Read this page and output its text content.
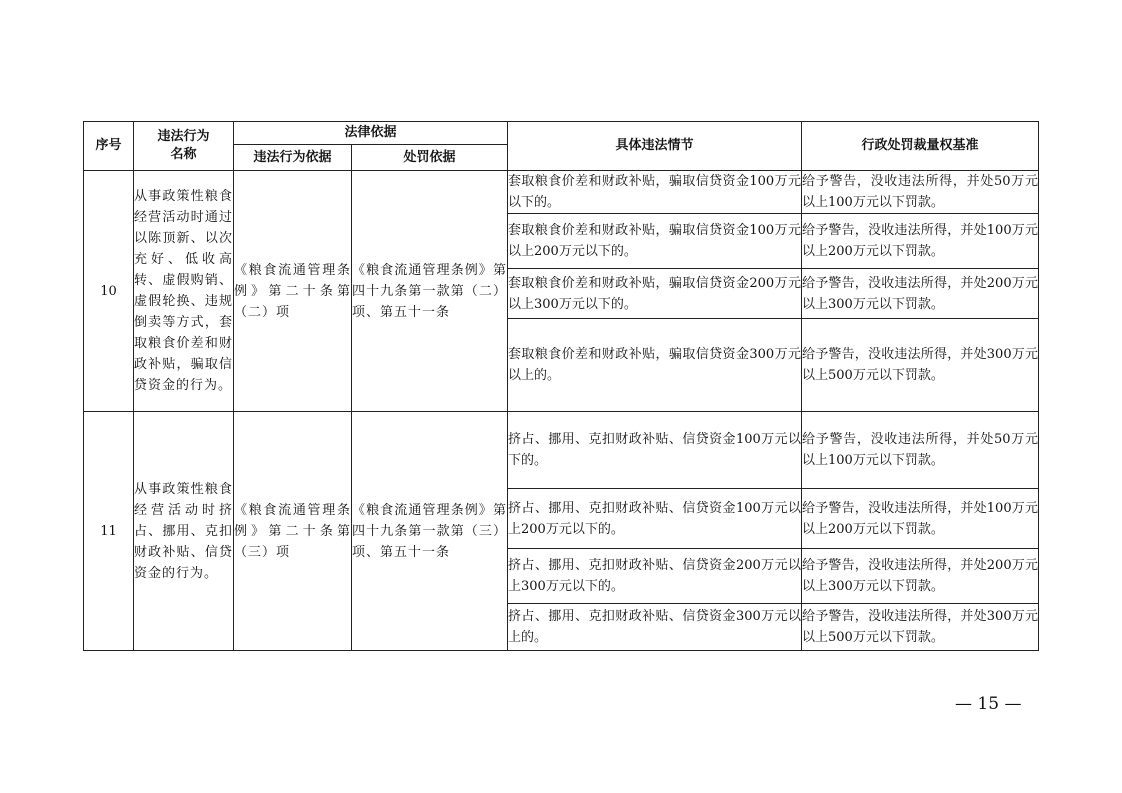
序号	违法行为名称	法律依据		具体违法情节	行政处罚裁量权基准
		违法行为依据	处罚依据		
10	从事政策性粮食经营活动时通过以陈顶新、以次充好、低收高转、虚假购销、虚假轮换、违规倒卖等方式，套取粮食价差和财政补贴，骗取信贷资金的行为。	《粮食流通管理条例》第二十条第（二）项	《粮食流通管理条例》第四十九条第一款第（二）项、第五十一条	套取粮食价差和财政补贴，骗取信贷资金100万元以下的。	给予警告，没收违法所得，并处50万元以上100万元以下罚款。
				套取粮食价差和财政补贴，骗取信贷资金100万元以上200万元以下的。	给予警告，没收违法所得，并处100万元以上200万元以下罚款。
				套取粮食价差和财政补贴，骗取信贷资金200万元以上300万元以下的。	给予警告，没收违法所得，并处200万元以上300万元以下罚款。
				套取粮食价差和财政补贴，骗取信贷资金300万元以上的。	给予警告，没收违法所得，并处300万元以上500万元以下罚款。
11	从事政策性粮食经营活动时挤占、挪用、克扣财政补贴、信贷资金的行为。	《粮食流通管理条例》第二十条第（三）项	《粮食流通管理条例》第四十九条第一款第（三）项、第五十一条	挤占、挪用、克扣财政补贴、信贷资金100万元以下的。	给予警告，没收违法所得，并处50万元以上100万元以下罚款。
				挤占、挪用、克扣财政补贴、信贷资金100万元以上200万元以下的。	给予警告，没收违法所得，并处100万元以上200万元以下罚款。
				挤占、挪用、克扣财政补贴、信贷资金200万元以上300万元以下的。	给予警告，没收违法所得，并处200万元以上300万元以下罚款。
				挤占、挪用、克扣财政补贴、信贷资金300万元以上的。	给予警告，没收违法所得，并处300万元以上500万元以下罚款。
— 15 —
